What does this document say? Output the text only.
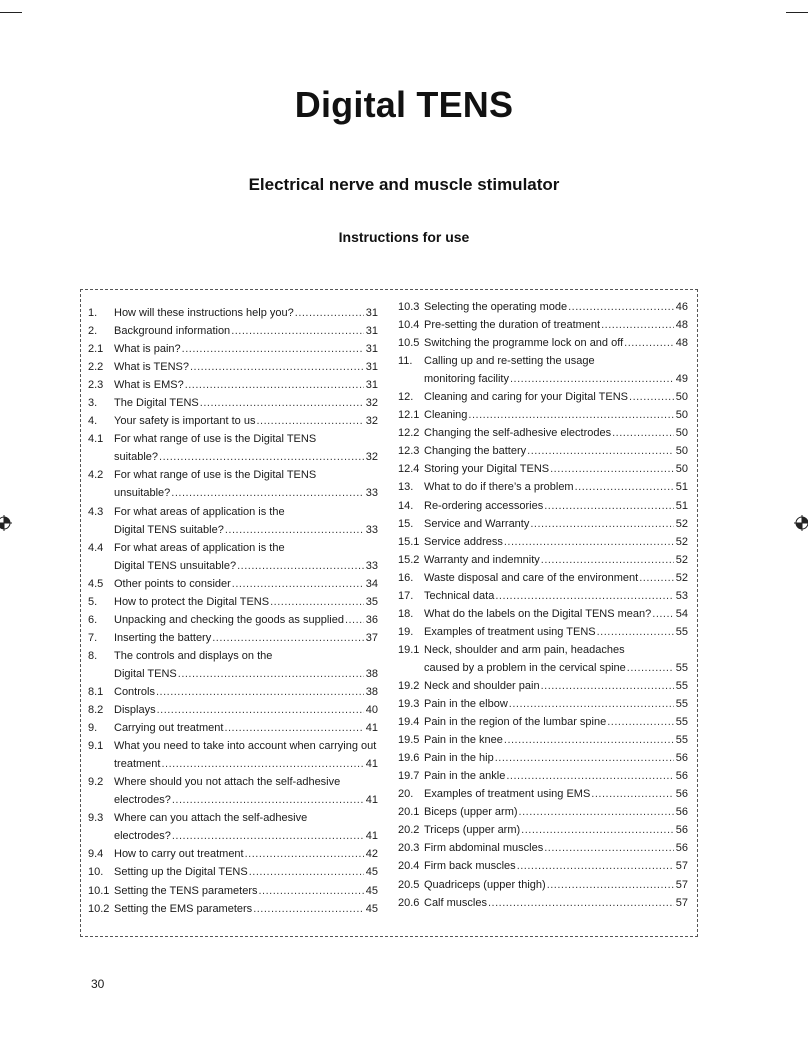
Digital TENS
Electrical nerve and muscle stimulator
Instructions for use
1.	How will these instructions help you? .....	31
2.	Background information .....	31
2.1 What is pain? .....	31
2.2 What is TENS? .....	31
2.3 What is EMS? .....	31
3.	The Digital TENS .....	32
4.	Your safety is important to us .....	32
4.1 For what range of use is the Digital TENS
suitable? .....	32
4.2 For what range of use is the Digital TENS
unsuitable? .....	33
4.3 For what areas of application is the
Digital TENS suitable? .....	33
4.4 For what areas of application is the
Digital TENS unsuitable? .....	33
4.5 Other points to consider .....	34
5.	How to protect the Digital TENS .....	35
6.	Unpacking and checking the goods as supplied ..... 36
7.	Inserting the battery .....	37
8.	The controls and displays on the
Digital TENS .....	38
8.1 Controls .....	38
8.2 Displays .....	40
9.	Carrying out treatment .....	41
9.1 What you need to take into account when carrying out
treatment .....	41
9.2 Where should you not attach the self-adhesive
electrodes? .....	41
9.3 Where can you attach the self-adhesive
electrodes? .....	41
9.4 How to carry out treatment .....	42
10. Setting up the Digital TENS .....	45
10.1 Setting the TENS parameters .....	45
10.2 Setting the EMS parameters .....	45
10.3 Selecting the operating mode .....	46
10.4 Pre-setting the duration of treatment .....	48
10.5 Switching the programme lock on and off .....	48
11.	Calling up and re-setting the usage
monitoring facility .....	49
12. Cleaning and caring for your Digital TENS .....	50
12.1 Cleaning .....	50
12.2 Changing the self-adhesive electrodes .....	50
12.3 Changing the battery .....	50
12.4 Storing your Digital TENS .....	50
13. What to do if there’s a problem .....	51
14. Re-ordering accessories .....	51
15. Service and Warranty .....	52
15.1 Service address .....	52
15.2 Warranty and indemnity .....	52
16. Waste disposal and care of the environment .....	52
17. Technical data .....	53
18. What do the labels on the Digital TENS mean? ..... 54
19. Examples of treatment using TENS .....	55
19.1 Neck, shoulder and arm pain, headaches
caused by a problem in the cervical spine .....	55
19.2 Neck and shoulder pain .....	55
19.3 Pain in the elbow .....	55
19.4 Pain in the region of the lumbar spine .....	55
19.5 Pain in the knee .....	55
19.6 Pain in the hip .....	56
19.7 Pain in the ankle .....	56
20. Examples of treatment using EMS .....	56
20.1 Biceps (upper arm) .....	56
20.2 Triceps (upper arm) .....	56
20.3 Firm abdominal muscles .....	56
20.4 Firm back muscles .....	57
20.5 Quadriceps (upper thigh) .....	57
20.6 Calf muscles .....	57
30
